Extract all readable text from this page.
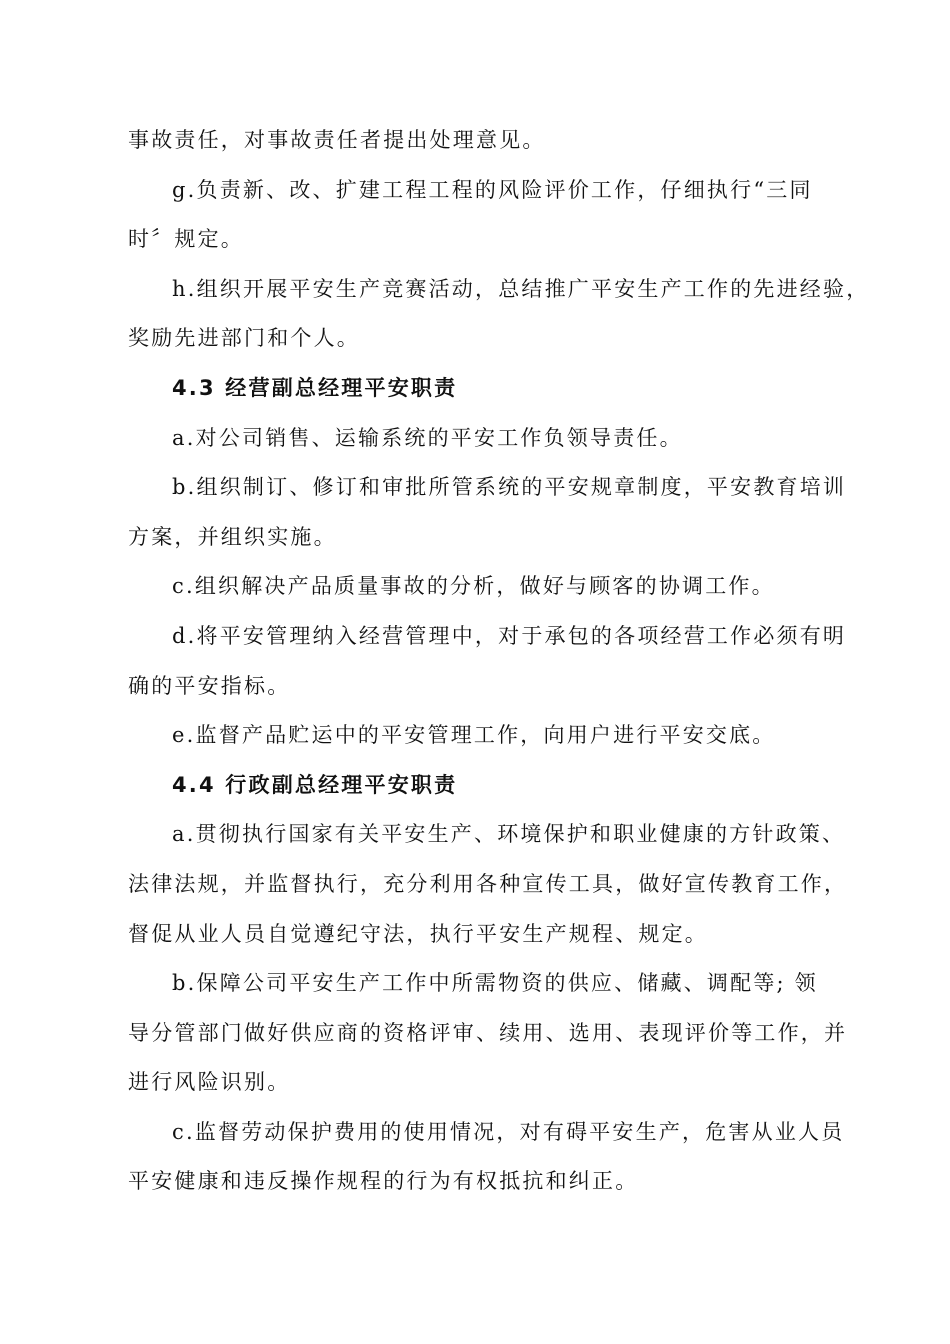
事故责任，对事故责任者提出处理意见。
g.负责新、改、扩建工程工程的风险评价工作，仔细执行“三同
时〞规定。
h.组织开展平安生产竞赛活动，总结推广平安生产工作的先进经验，
奖励先进部门和个人。
4.3 经营副总经理平安职责
a.对公司销售、运输系统的平安工作负领导责任。
b.组织制订、修订和审批所管系统的平安规章制度，平安教育培训
方案，并组织实施。
c.组织解决产品质量事故的分析，做好与顾客的协调工作。
d.将平安管理纳入经营管理中，对于承包的各项经营工作必须有明
确的平安指标。
e.监督产品贮运中的平安管理工作，向用户进行平安交底。
4.4 行政副总经理平安职责
a.贯彻执行国家有关平安生产、环境保护和职业健康的方针政策、
法律法规，并监督执行，充分利用各种宣传工具，做好宣传教育工作，
督促从业人员自觉遵纪守法，执行平安生产规程、规定。
b.保障公司平安生产工作中所需物资的供应、储藏、调配等; 领
导分管部门做好供应商的资格评审、续用、选用、表现评价等工作，并
进行风险识别。
c.监督劳动保护费用的使用情况，对有碍平安生产，危害从业人员
平安健康和违反操作规程的行为有权抵抗和纠正。
